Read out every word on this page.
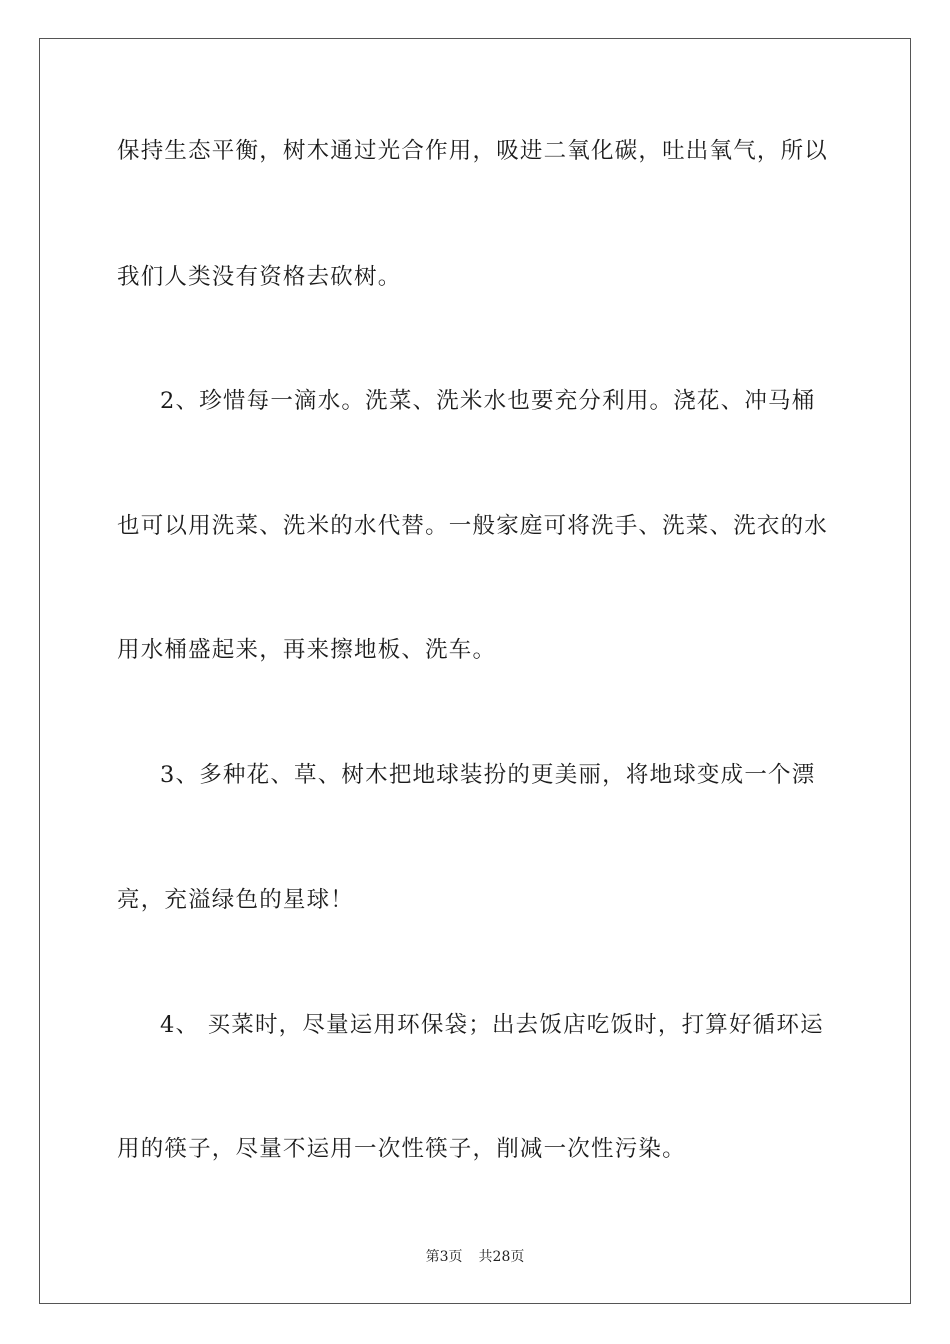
保持生态平衡，树木通过光合作用，吸进二氧化碳，吐出氧气，所以
我们人类没有资格去砍树。
2、珍惜每一滴水。洗菜、洗米水也要充分利用。浇花、冲马桶
也可以用洗菜、洗米的水代替。一般家庭可将洗手、洗菜、洗衣的水
用水桶盛起来，再来擦地板、洗车。
3、多种花、草、树木把地球装扮的更美丽，将地球变成一个漂
亮，充溢绿色的星球！
4、 买菜时，尽量运用环保袋；出去饭店吃饭时，打算好循环运
用的筷子，尽量不运用一次性筷子，削减一次性污染。
第3页 共28页
